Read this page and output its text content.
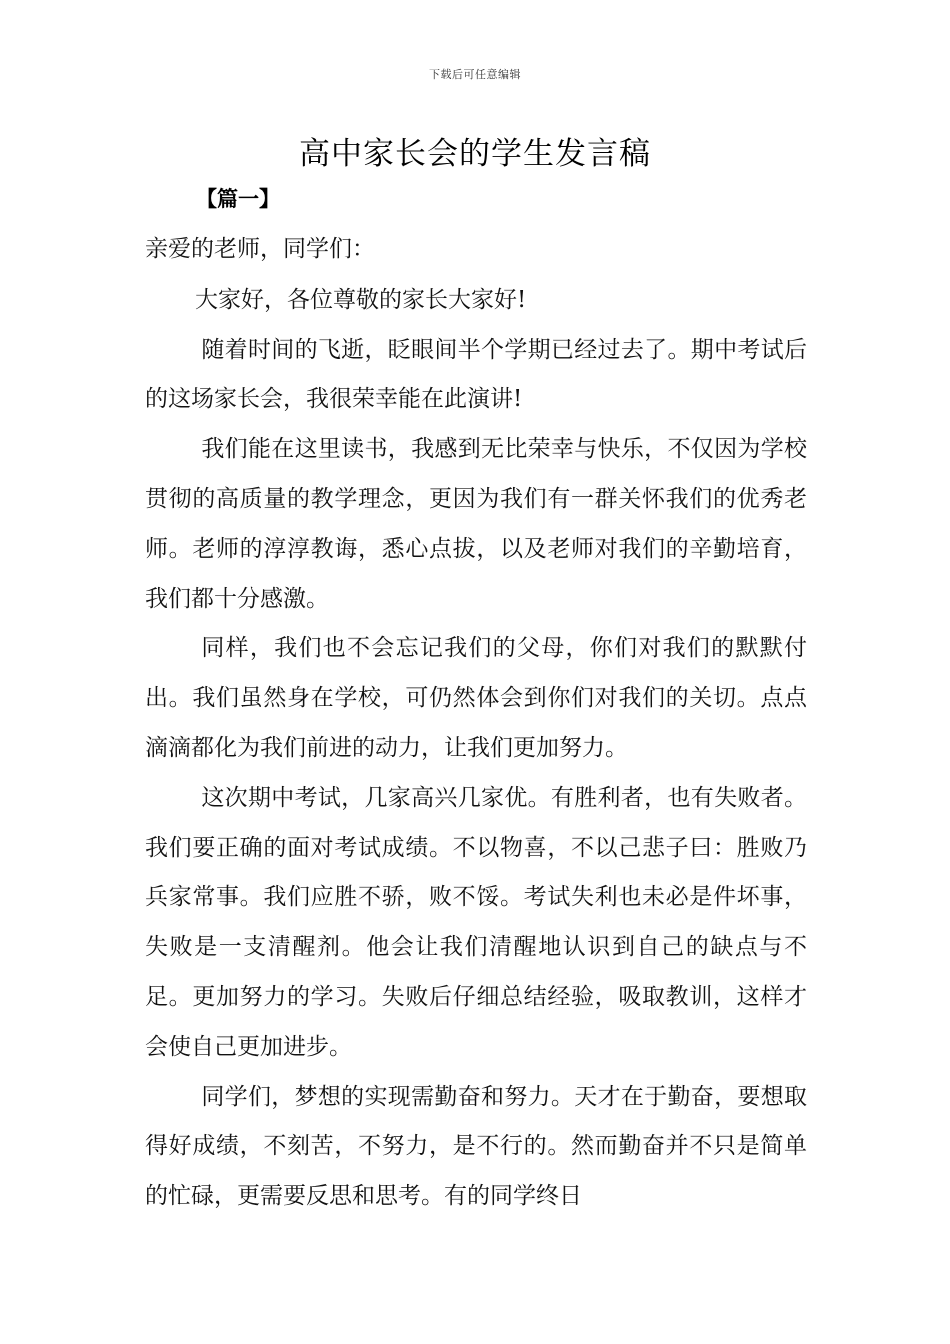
下载后可任意编辑
高中家长会的学生发言稿
【篇一】

亲爱的老师，同学们：

大家好，各位尊敬的家长大家好!

随着时间的飞逝，眨眼间半个学期已经过去了。期中考试后的这场家长会，我很荣幸能在此演讲!

我们能在这里读书，我感到无比荣幸与快乐，不仅因为学校贯彻的高质量的教学理念，更因为我们有一群关怀我们的优秀老师。老师的淳淳教诲，悉心点拔，以及老师对我们的辛勤培育，我们都十分感激。

同样，我们也不会忘记我们的父母，你们对我们的默默付出。我们虽然身在学校，可仍然体会到你们对我们的关切。点点滴滴都化为我们前进的动力，让我们更加努力。

这次期中考试，几家高兴几家优。有胜利者，也有失败者。我们要正确的面对考试成绩。不以物喜，不以己悲子曰：胜败乃兵家常事。我们应胜不骄，败不馁。考试失利也未必是件坏事，失败是一支清醒剂。他会让我们清醒地认识到自己的缺点与不足。更加努力的学习。失败后仔细总结经验，吸取教训，这样才会使自己更加进步。

同学们，梦想的实现需勤奋和努力。天才在于勤奋，要想取得好成绩，不刻苦，不努力，是不行的。然而勤奋并不只是简单的忙碌，更需要反思和思考。有的同学终日
